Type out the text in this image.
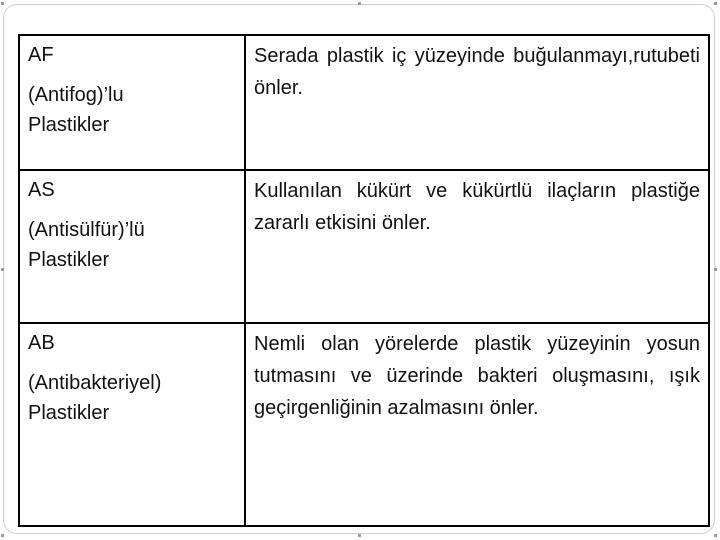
AF
(Antifog)’lu
Plastikler	Serada plastik iç yüzeyinde buğulanmayı,rutubeti önler.

AS
(Antisülfür)’lü
Plastikler	Kullanılan kükürt ve kükürtlü ilaçların plastiğe zararlı etkisini önler.

AB
(Antibakteriyel)
Plastikler	Nemli olan yörelerde plastik yüzeyinin yosun tutmasını ve üzerinde bakteri oluşmasını, ışık geçirgenliğinin azalmasını önler.
